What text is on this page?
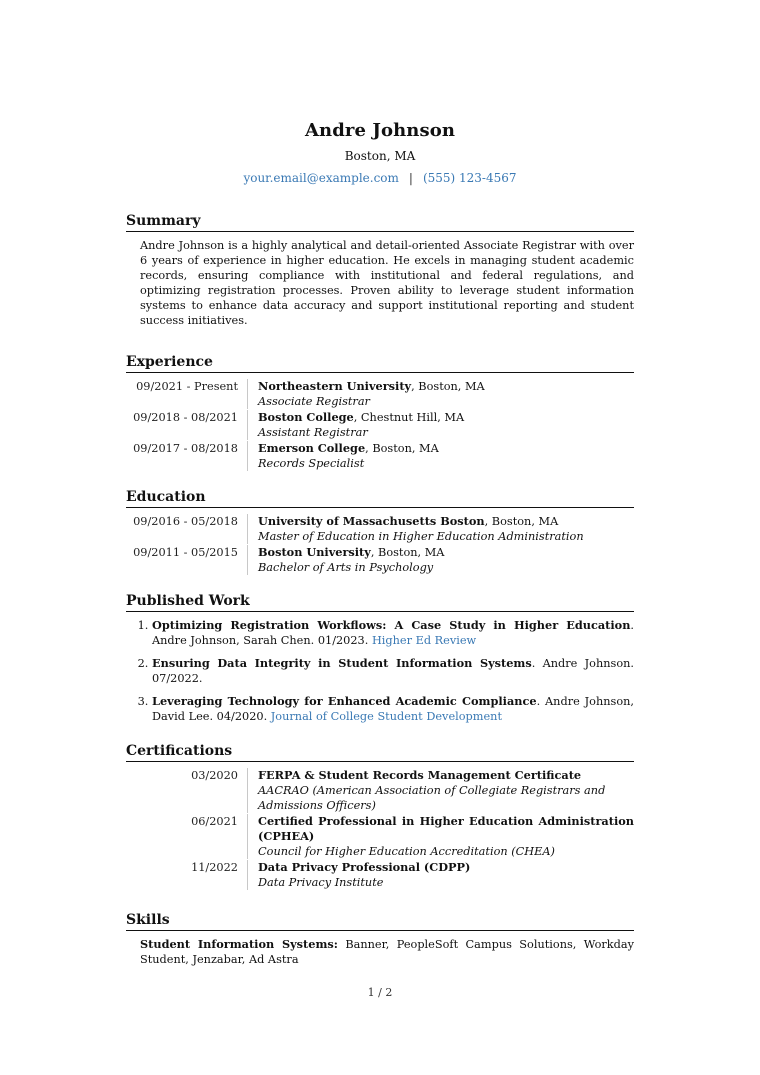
Andre Johnson
Boston, MA
your.email@example.com | (555) 123-4567
Summary

Andre Johnson is a highly analytical and detail-oriented Associate Registrar with over 6 years of experience in higher education. He excels in managing student academic records, ensuring compliance with institutional and federal regulations, and optimizing registration processes. Proven ability to leverage student information systems to enhance data accuracy and support institutional reporting and student success initiatives.

Experience
09/2021 - Present	Northeastern University, Boston, MA
Associate Registrar
09/2018 - 08/2021	Boston College, Chestnut Hill, MA
Assistant Registrar
09/2017 - 08/2018	Emerson College, Boston, MA
Records Specialist
Education
09/2016 - 05/2018	University of Massachusetts Boston, Boston, MA
Master of Education in Higher Education Administration
09/2011 - 05/2015	Boston University, Boston, MA
Bachelor of Arts in Psychology
Published Work
1. Optimizing Registration Workflows: A Case Study in Higher Education. Andre Johnson, Sarah Chen. 01/2023. Higher Ed Review
2. Ensuring Data Integrity in Student Information Systems. Andre Johnson. 07/2022.
3. Leveraging Technology for Enhanced Academic Compliance. Andre Johnson, David Lee. 04/2020. Journal of College Student Development
Certifications
03/2020	FERPA & Student Records Management Certificate
AACRAO (American Association of Collegiate Registrars and Admissions Officers)
06/2021	Certified Professional in Higher Education Administration (CPHEA)
Council for Higher Education Accreditation (CHEA)
11/2022	Data Privacy Professional (CDPP)
Data Privacy Institute
Skills

Student Information Systems: Banner, PeopleSoft Campus Solutions, Workday Student, Jenzabar, Ad Astra

1 / 2
